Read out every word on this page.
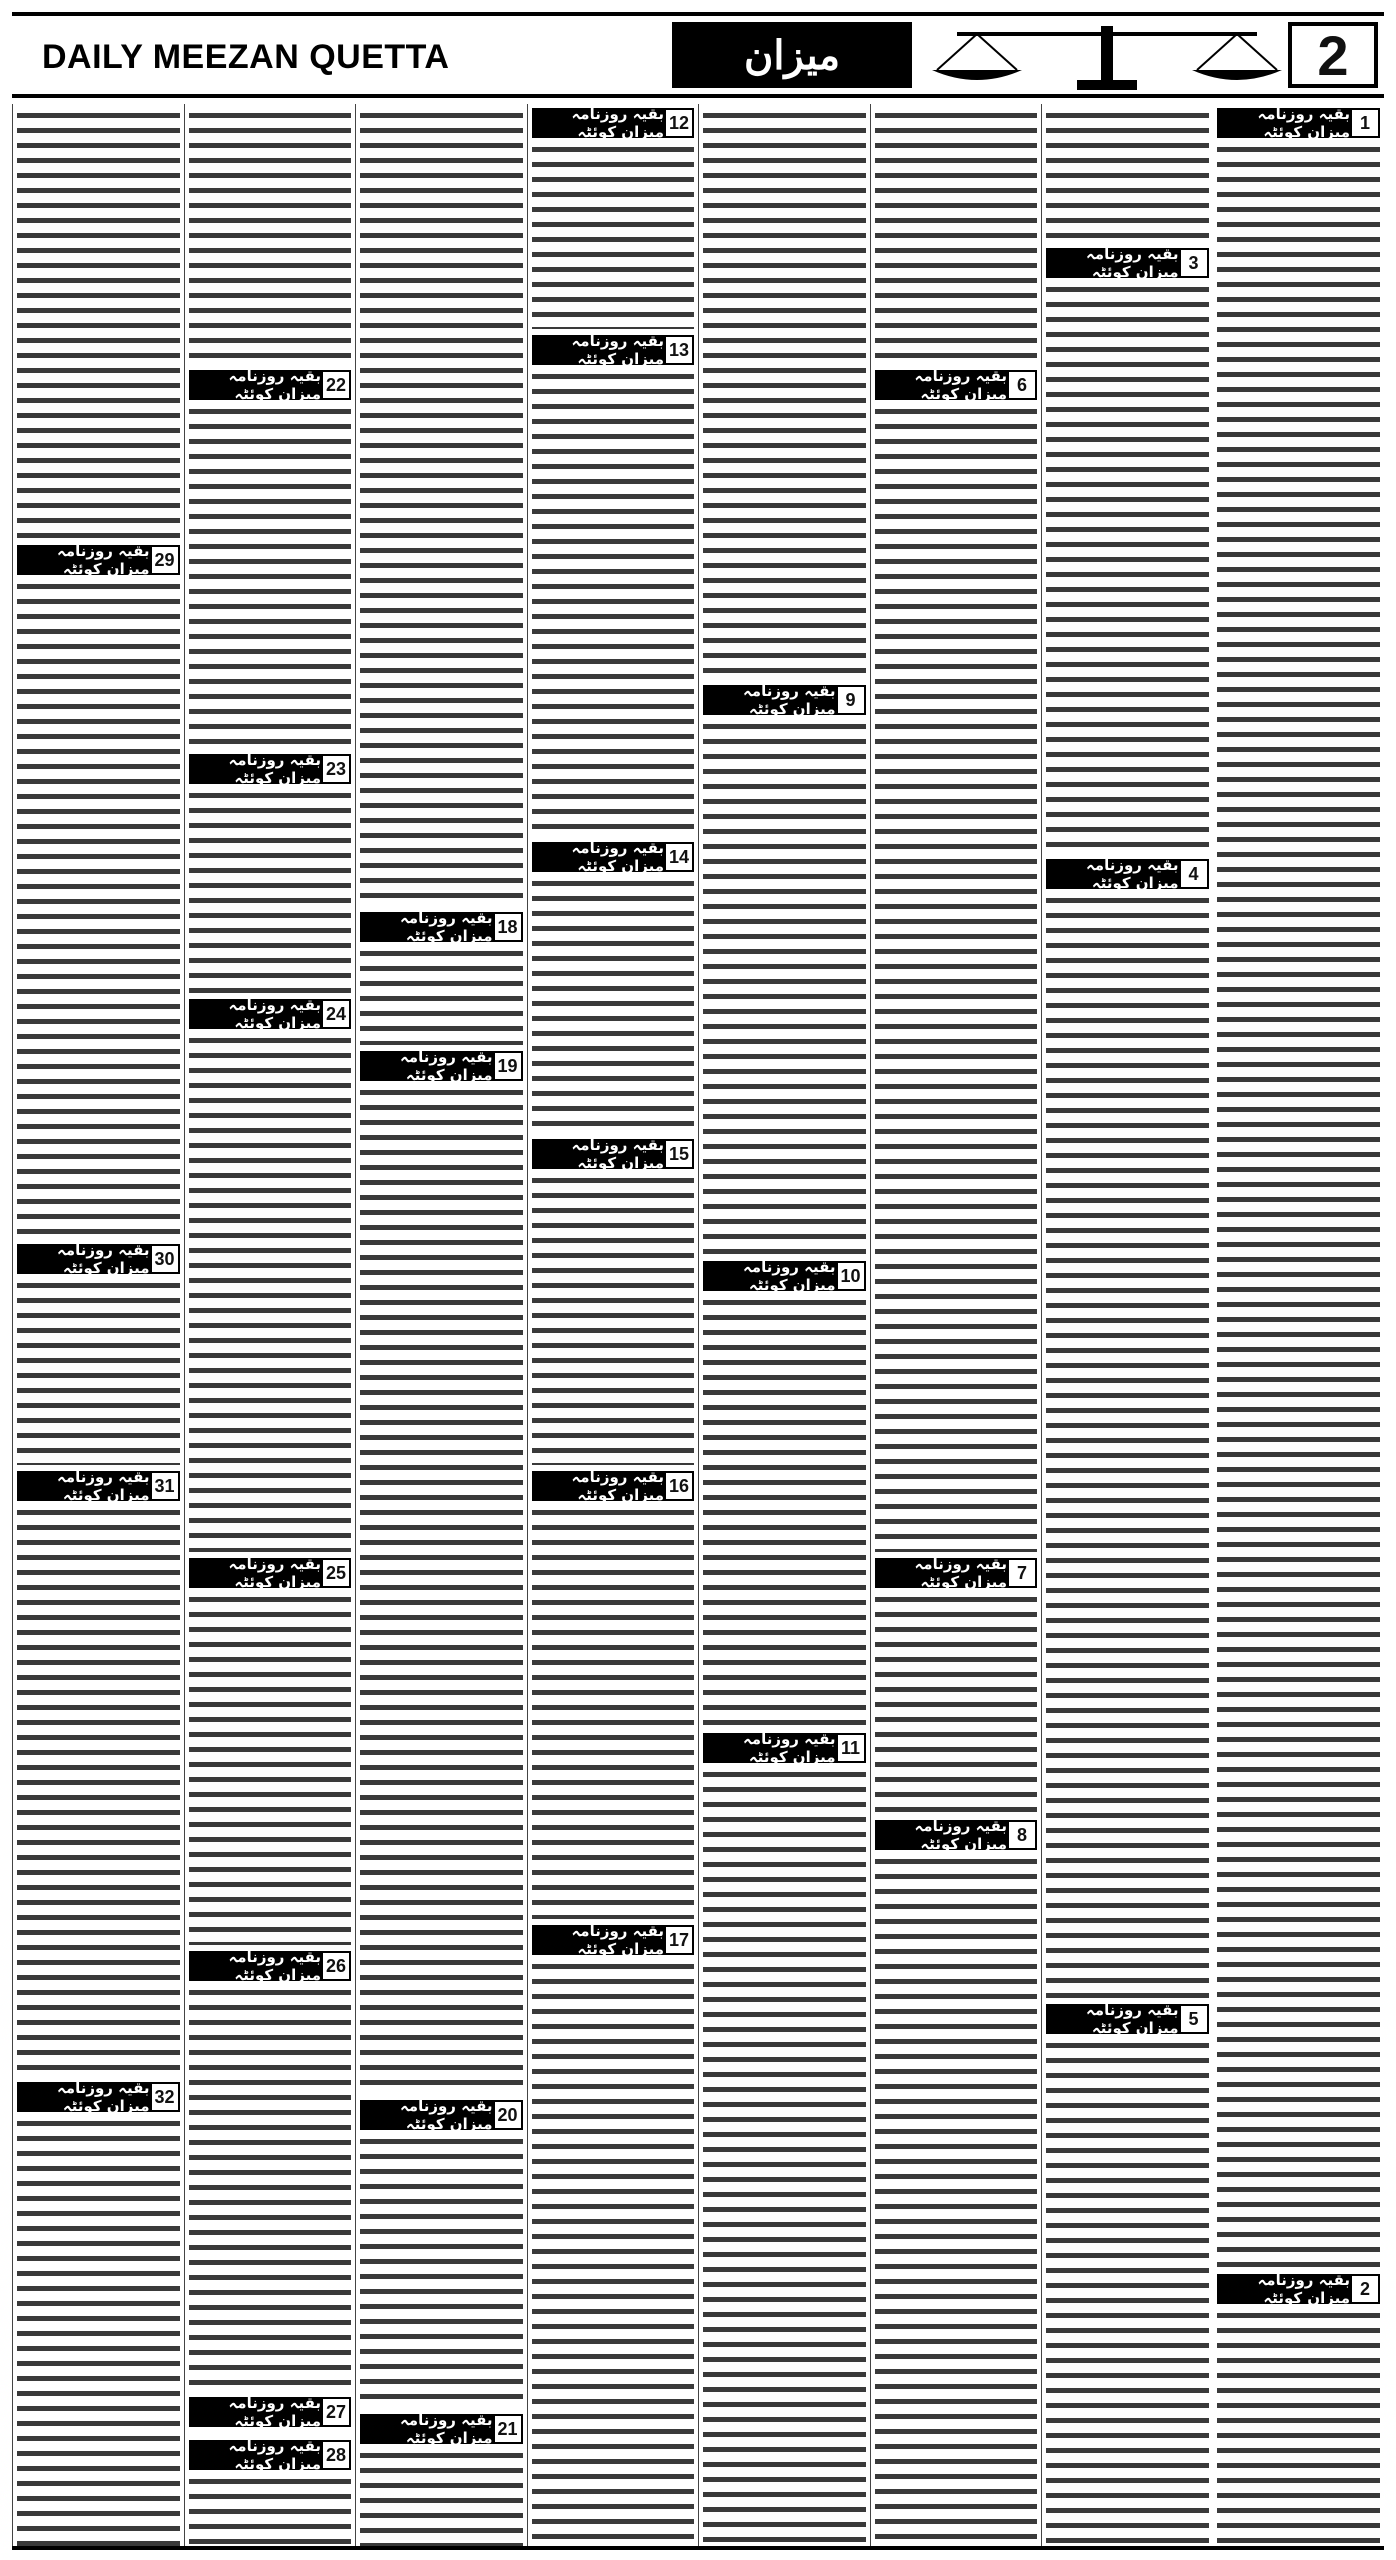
DAILY MEEZAN QUETTA	میزان	2
بقیہ روزنامہ میزان کوئٹہ 1
بقیہ روزنامہ میزان کوئٹہ 2
بقیہ روزنامہ میزان کوئٹہ 3
بقیہ روزنامہ میزان کوئٹہ 4
بقیہ روزنامہ میزان کوئٹہ 5
بقیہ روزنامہ میزان کوئٹہ 6
بقیہ روزنامہ میزان کوئٹہ 7
بقیہ روزنامہ میزان کوئٹہ 8
بقیہ روزنامہ میزان کوئٹہ 9
بقیہ روزنامہ میزان کوئٹہ 10
بقیہ روزنامہ میزان کوئٹہ 11
بقیہ روزنامہ میزان کوئٹہ 12
بقیہ روزنامہ میزان کوئٹہ 13
بقیہ روزنامہ میزان کوئٹہ 14
بقیہ روزنامہ میزان کوئٹہ 15
بقیہ روزنامہ میزان کوئٹہ 16
بقیہ روزنامہ میزان کوئٹہ 17
بقیہ روزنامہ میزان کوئٹہ 18
بقیہ روزنامہ میزان کوئٹہ 19
بقیہ روزنامہ میزان کوئٹہ 20
بقیہ روزنامہ میزان کوئٹہ 21
بقیہ روزنامہ میزان کوئٹہ 22
بقیہ روزنامہ میزان کوئٹہ 23
بقیہ روزنامہ میزان کوئٹہ 24
بقیہ روزنامہ میزان کوئٹہ 25
بقیہ روزنامہ میزان کوئٹہ 26
بقیہ روزنامہ میزان کوئٹہ 27
بقیہ روزنامہ میزان کوئٹہ 28
بقیہ روزنامہ میزان کوئٹہ 29
بقیہ روزنامہ میزان کوئٹہ 30
بقیہ روزنامہ میزان کوئٹہ 31
بقیہ روزنامہ میزان کوئٹہ 32
